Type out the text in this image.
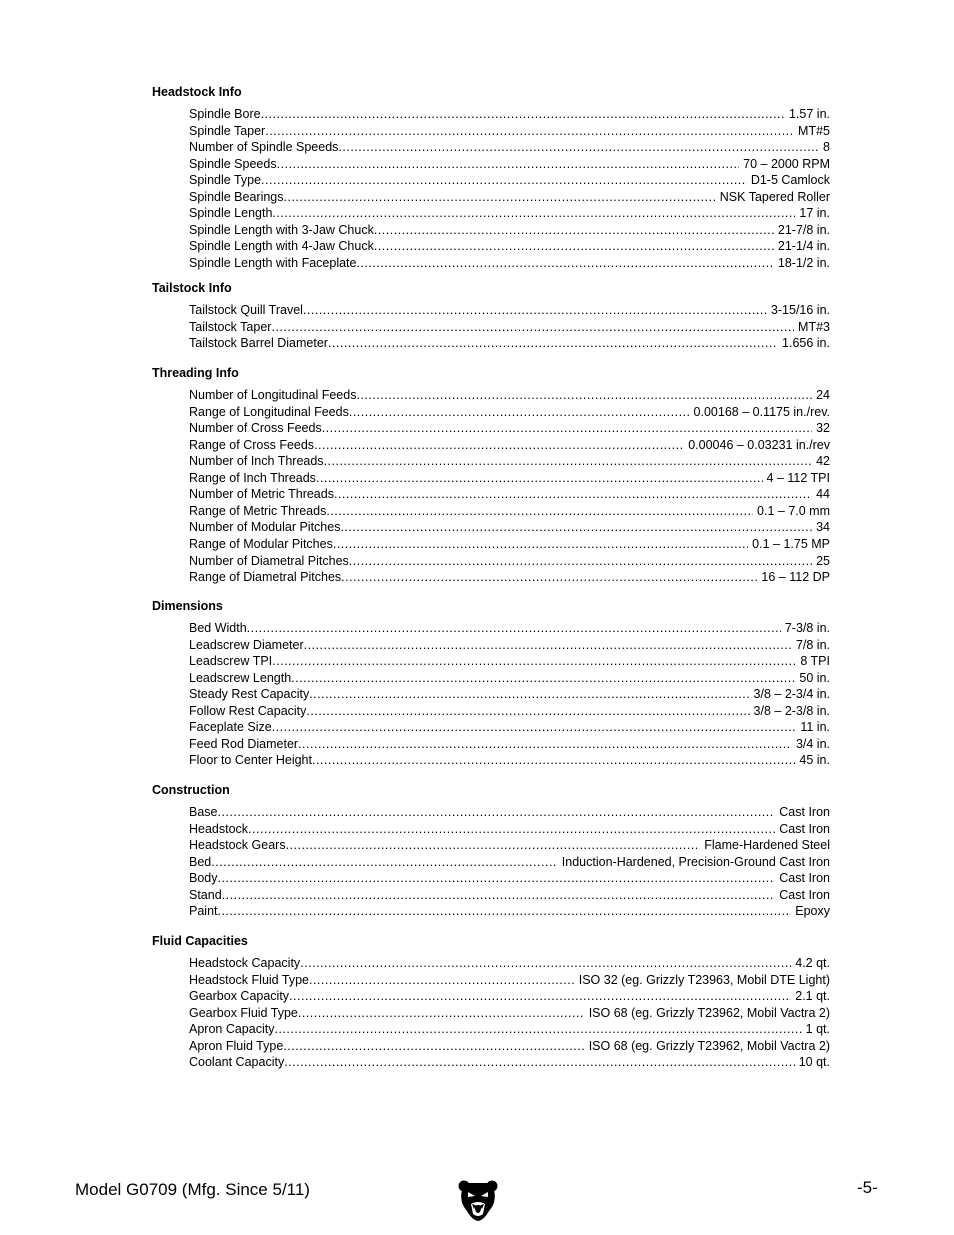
Headstock Info
Spindle Bore .....	1.57 in.
Spindle Taper .....	MT#5
Number of Spindle Speeds .....	8
Spindle Speeds .....	70 – 2000 RPM
Spindle Type .....	D1-5 Camlock
Spindle Bearings .....	NSK Tapered Roller
Spindle Length .....	17 in.
Spindle Length with 3-Jaw Chuck .....	21-7/8 in.
Spindle Length with 4-Jaw Chuck .....	21-1/4 in.
Spindle Length with Faceplate .....	18-1/2 in.
Tailstock Info
Tailstock Quill Travel .....	3-15/16 in.
Tailstock Taper .....	MT#3
Tailstock Barrel Diameter .....	1.656 in.
Threading Info
Number of Longitudinal Feeds .....	24
Range of Longitudinal Feeds .....	0.00168 – 0.1175 in./rev.
Number of Cross Feeds .....	32
Range of Cross Feeds .....	0.00046 – 0.03231 in./rev
Number of Inch Threads .....	42
Range of Inch Threads .....	4 – 112 TPI
Number of Metric Threads .....	44
Range of Metric Threads .....	0.1 – 7.0 mm
Number of Modular Pitches .....	34
Range of Modular Pitches .....	0.1 – 1.75 MP
Number of Diametral Pitches .....	25
Range of Diametral Pitches .....	16 – 112 DP
Dimensions
Bed Width .....	7-3/8 in.
Leadscrew Diameter .....	7/8 in.
Leadscrew TPI .....	8 TPI
Leadscrew Length .....	50 in.
Steady Rest Capacity .....	3/8 – 2-3/4 in.
Follow Rest Capacity .....	3/8 – 2-3/8 in.
Faceplate Size .....	11 in.
Feed Rod Diameter .....	3/4 in.
Floor to Center Height .....	45 in.
Construction
Base .....	Cast Iron
Headstock .....	Cast Iron
Headstock Gears .....	Flame-Hardened Steel
Bed .....	Induction-Hardened, Precision-Ground Cast Iron
Body .....	Cast Iron
Stand .....	Cast Iron
Paint .....	Epoxy
Fluid Capacities
Headstock Capacity .....	4.2 qt.
Headstock Fluid Type .....	ISO 32 (eg. Grizzly T23963, Mobil DTE Light)
Gearbox Capacity .....	2.1 qt.
Gearbox Fluid Type .....	ISO 68 (eg. Grizzly T23962, Mobil Vactra 2)
Apron Capacity .....	1 qt.
Apron Fluid Type .....	ISO 68 (eg. Grizzly T23962, Mobil Vactra 2)
Coolant Capacity .....	10 qt.
Model G0709 (Mfg. Since 5/11)	-5-
